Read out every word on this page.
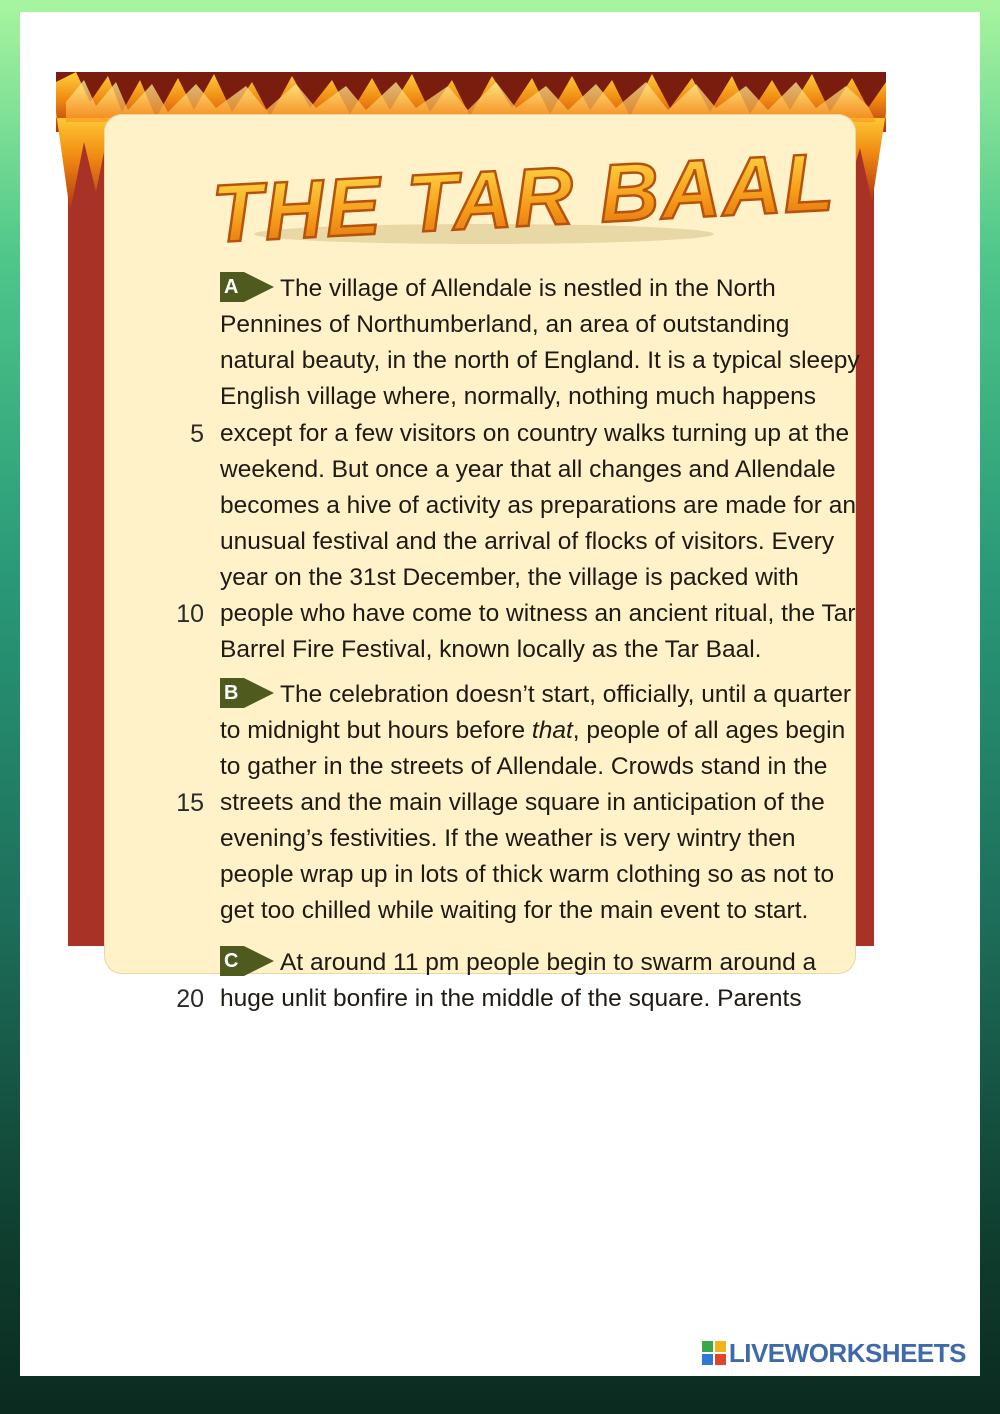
THE TAR BAAL
A The village of Allendale is nestled in the North
Pennines of Northumberland, an area of outstanding
natural beauty, in the north of England. It is a typical sleepy
English village where, normally, nothing much happens
5 except for a few visitors on country walks turning up at the
weekend. But once a year that all changes and Allendale
becomes a hive of activity as preparations are made for an
unusual festival and the arrival of flocks of visitors. Every
year on the 31st December, the village is packed with
10 people who have come to witness an ancient ritual, the Tar
Barrel Fire Festival, known locally as the Tar Baal.
B The celebration doesn’t start, officially, until a quarter
to midnight but hours before that, people of all ages begin
to gather in the streets of Allendale. Crowds stand in the
15 streets and the main village square in anticipation of the
evening’s festivities. If the weather is very wintry then
people wrap up in lots of thick warm clothing so as not to
get too chilled while waiting for the main event to start.
C At around 11 pm people begin to swarm around a
20 huge unlit bonfire in the middle of the square. Parents
LIVEWORKSHEETS
